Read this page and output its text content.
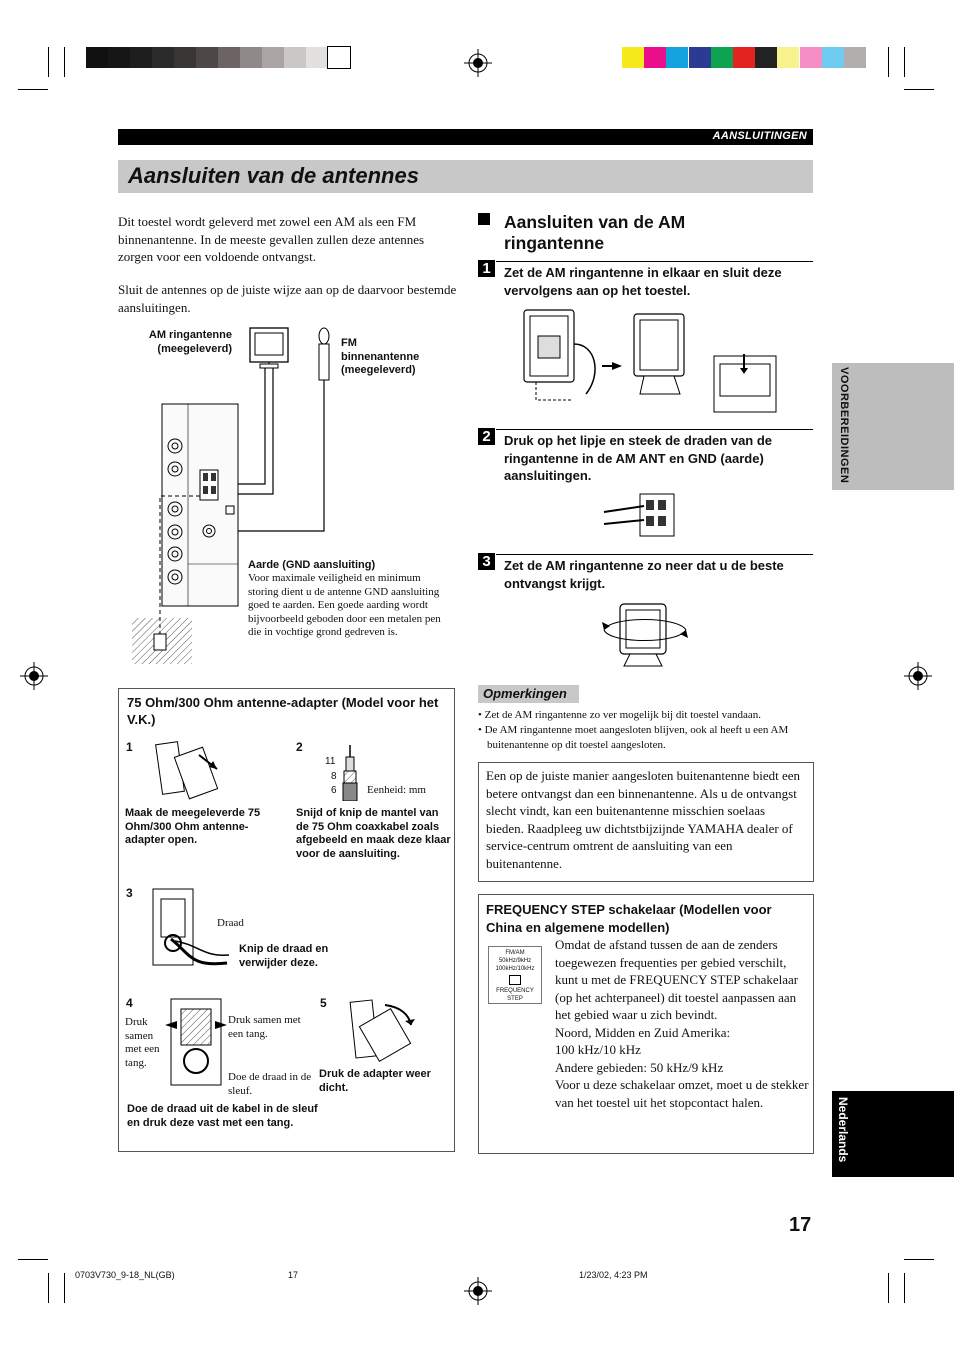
AANSLUITINGEN
Aansluiten van de antennes

Dit toestel wordt geleverd met zowel een AM als een FM binnenantenne. In de meeste gevallen zullen deze antennes zorgen voor een voldoende ontvangst.

Sluit de antennes op de juiste wijze aan op de daarvoor bestemde aansluitingen.

AM ringantenne
(meegeleverd)	FM
binnenantenne
(meegeleverd)
Aarde (GND aansluiting)

Voor maximale veiligheid en minimum storing dient u de antenne GND aansluiting goed te aarden. Een goede aarding wordt bijvoorbeeld geboden door een metalen pen die in vochtige grond gedreven is.

75 Ohm/300 Ohm antenne-adapter (Model voor het V.K.)
1
Maak de meegeleverde 75 Ohm/300 Ohm antenne-adapter open.
2
11
8
6	Eenheid: mm
Snijd of knip de mantel van de 75 Ohm coaxkabel zoals afgebeeld en maak deze klaar voor de aansluiting.
3
Draad
Knip de draad en verwijder deze.
4
Druk samen met een tang.
Druk samen met een tang.
Doe de draad in de sleuf.
Doe de draad uit de kabel in de sleuf en druk deze vast met een tang.
5
Druk de adapter weer dicht.
Aansluiten van de AM ringantenne
1	Zet de AM ringantenne in elkaar en sluit deze vervolgens aan op het toestel.
2	Druk op het lipje en steek de draden van de ringantenne in de AM ANT en GND (aarde) aansluitingen.
3	Zet de AM ringantenne zo neer dat u de beste ontvangst krijgt.
Opmerkingen
• Zet de AM ringantenne zo ver mogelijk bij dit toestel vandaan.
• De AM ringantenne moet aangesloten blijven, ook al heeft u een AM buitenantenne op dit toestel aangesloten.

Een op de juiste manier aangesloten buitenantenne biedt een betere ontvangst dan een binnenantenne. Als u de ontvangst slecht vindt, kan een buitenantenne misschien soelaas bieden. Raadpleeg uw dichtstbijzijnde YAMAHA dealer of service-centrum omtrent de aansluiting van een buitenantenne.

FREQUENCY STEP schakelaar (Modellen voor China en algemene modellen)
FM/AM
50kHz/9kHz
100kHz/10kHz
FREQUENCY
STEP

Omdat de afstand tussen de aan de zenders toegewezen frequenties per gebied verschilt, kunt u met de FREQUENCY STEP schakelaar (op het achterpaneel) dit toestel aanpassen aan het gebied waar u zich bevindt.

Noord, Midden en Zuid Amerika:

100 kHz/10 kHz

Andere gebieden: 50 kHz/9 kHz

Voor u deze schakelaar omzet, moet u de stekker van het toestel uit het stopcontact halen.

VOORBEREIDINGEN
Nederlands
17
0703V730_9-18_NL(GB)	17	1/23/02, 4:23 PM
